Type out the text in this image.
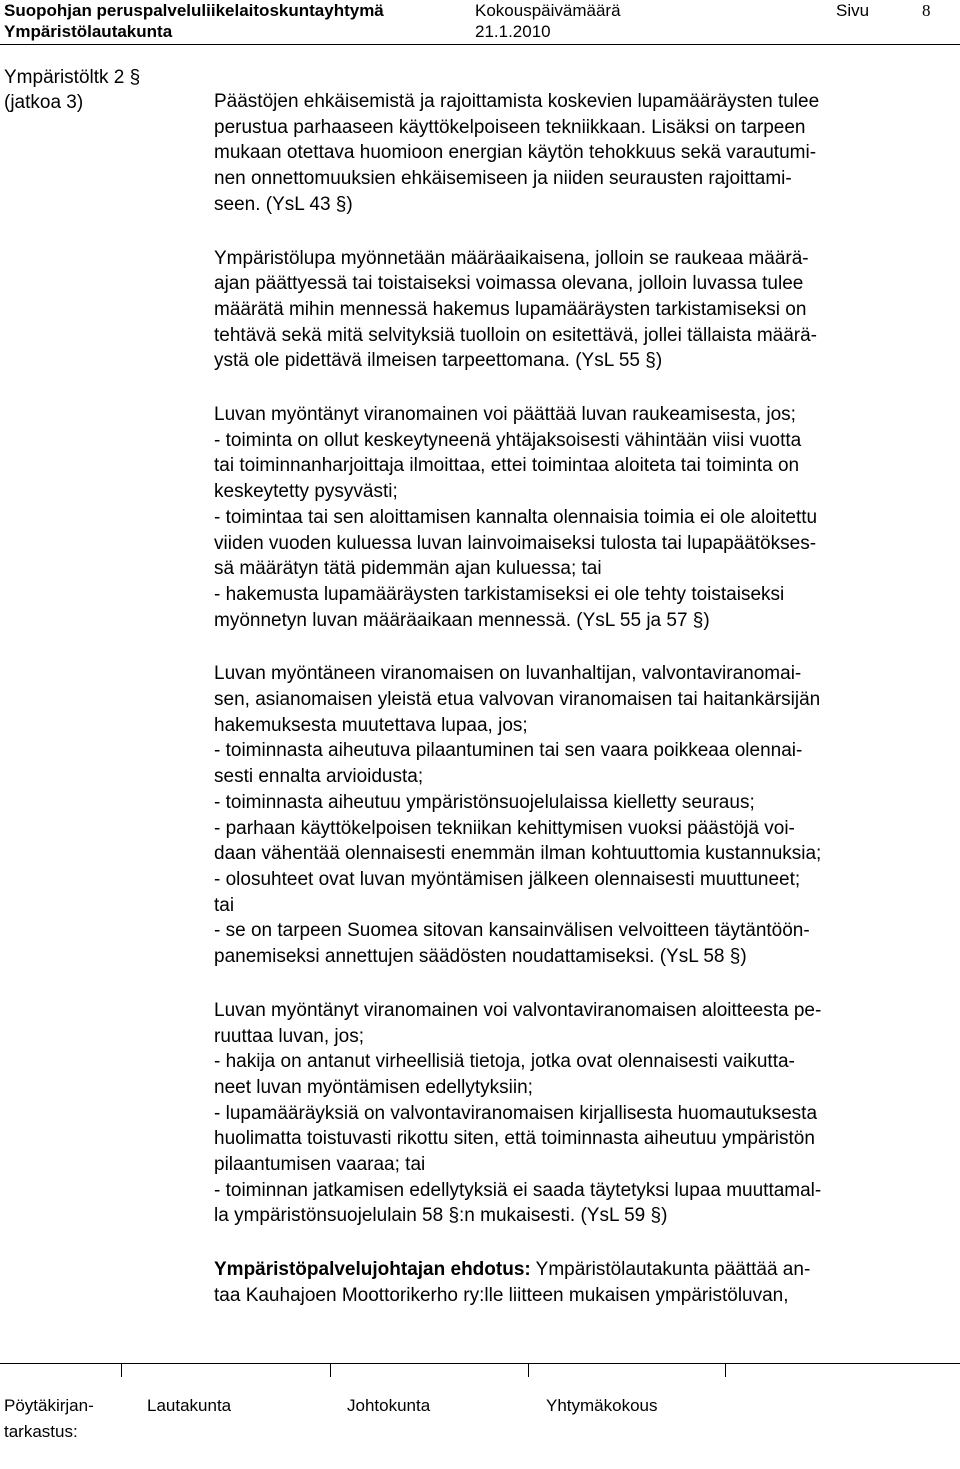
Suopohjan peruspalveluliikelaitoskuntayhtymä	Kokouspäivämäärä	Sivu	8
Ympäristölautakunta	21.1.2010
Ympäristöltk 2 §
(jatkoa 3)	Päästöjen ehkäisemistä ja rajoittamista koskevien lupamääräysten tulee
perustua parhaaseen käyttökelpoiseen tekniikkaan. Lisäksi on tarpeen
mukaan otettava huomioon energian käytön tehokkuus sekä varautumi-
nen onnettomuuksien ehkäisemiseen ja niiden seurausten rajoittami-
seen. (YsL 43 §)

Ympäristölupa myönnetään määräaikaisena, jolloin se raukeaa määrä-
ajan päättyessä tai toistaiseksi voimassa olevana, jolloin luvassa tulee
määrätä mihin mennessä hakemus lupamääräysten tarkistamiseksi on
tehtävä sekä mitä selvityksiä tuolloin on esitettävä, jollei tällaista määrä-
ystä ole pidettävä ilmeisen tarpeettomana. (YsL 55 §)

Luvan myöntänyt viranomainen voi päättää luvan raukeamisesta, jos;
- toiminta on ollut keskeytyneenä yhtäjaksoisesti vähintään viisi vuotta
tai toiminnanharjoittaja ilmoittaa, ettei toimintaa aloiteta tai toiminta on
keskeytetty pysyvästi;
- toimintaa tai sen aloittamisen kannalta olennaisia toimia ei ole aloitettu
viiden vuoden kuluessa luvan lainvoimaiseksi tulosta tai lupapäätökses-
sä määrätyn tätä pidemmän ajan kuluessa; tai
- hakemusta lupamääräysten tarkistamiseksi ei ole tehty toistaiseksi
myönnetyn luvan määräaikaan mennessä. (YsL 55 ja 57 §)

Luvan myöntäneen viranomaisen on luvanhaltijan, valvontaviranomai-
sen, asianomaisen yleistä etua valvovan viranomaisen tai haitankärsijän
hakemuksesta muutettava lupaa, jos;
- toiminnasta aiheutuva pilaantuminen tai sen vaara poikkeaa olennai-
sesti ennalta arvioidusta;
- toiminnasta aiheutuu ympäristönsuojelulaissa kielletty seuraus;
- parhaan käyttökelpoisen tekniikan kehittymisen vuoksi päästöjä voi-
daan vähentää olennaisesti enemmän ilman kohtuuttomia kustannuksia;
- olosuhteet ovat luvan myöntämisen jälkeen olennaisesti muuttuneet;
tai
- se on tarpeen Suomea sitovan kansainvälisen velvoitteen täytäntöön-
panemiseksi annettujen säädösten noudattamiseksi. (YsL 58 §)

Luvan myöntänyt viranomainen voi valvontaviranomaisen aloitteesta pe-
ruuttaa luvan, jos;
- hakija on antanut virheellisiä tietoja, jotka ovat olennaisesti vaikutta-
neet luvan myöntämisen edellytyksiin;
- lupamääräyksiä on valvontaviranomaisen kirjallisesta huomautuksesta
huolimatta toistuvasti rikottu siten, että toiminnasta aiheutuu ympäristön
pilaantumisen vaaraa; tai
- toiminnan jatkamisen edellytyksiä ei saada täytetyksi lupaa muuttamal-
la ympäristönsuojelulain 58 §:n mukaisesti. (YsL 59 §)

Ympäristöpalvelujohtajan ehdotus: Ympäristölautakunta päättää an-
taa Kauhajoen Moottorikerho ry:lle liitteen mukaisen ympäristöluvan,

Pöytäkirjan-
tarkastus:
Lautakunta	Johtokunta	Yhtymäkokous
